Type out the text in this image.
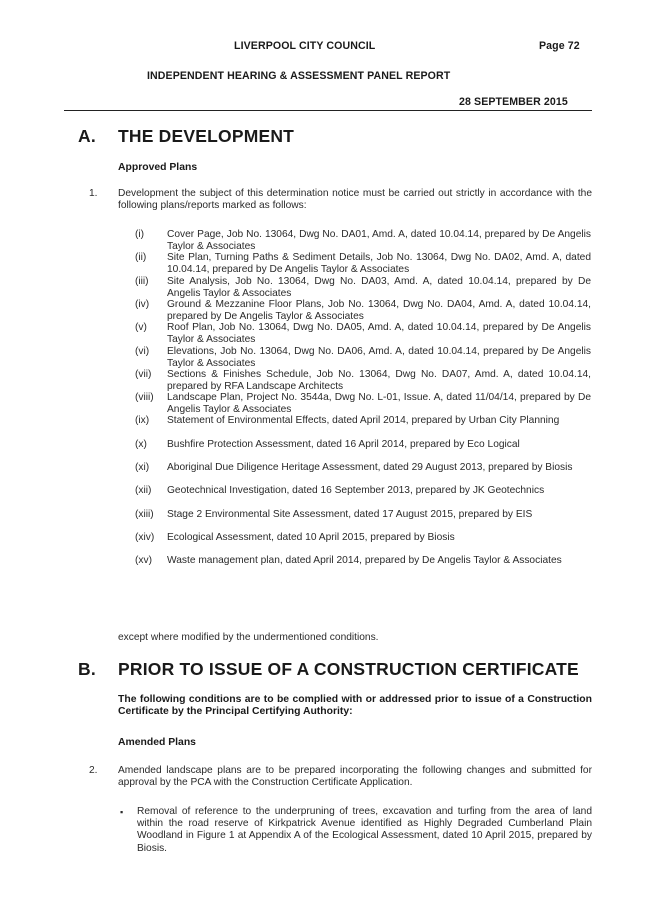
LIVERPOOL CITY COUNCIL	Page 72
INDEPENDENT HEARING & ASSESSMENT PANEL REPORT
28 SEPTEMBER 2015
A. THE DEVELOPMENT
Approved Plans
1. Development the subject of this determination notice must be carried out strictly in accordance with the following plans/reports marked as follows:
(i)	Cover Page, Job No. 13064, Dwg No. DA01, Amd. A, dated 10.04.14, prepared by De Angelis Taylor & Associates
(ii)	Site Plan, Turning Paths & Sediment Details, Job No. 13064, Dwg No. DA02, Amd. A, dated 10.04.14, prepared by De Angelis Taylor & Associates
(iii)	Site Analysis, Job No. 13064, Dwg No. DA03, Amd. A, dated 10.04.14, prepared by De Angelis Taylor & Associates
(iv)	Ground & Mezzanine Floor Plans, Job No. 13064, Dwg No. DA04, Amd. A, dated 10.04.14, prepared by De Angelis Taylor & Associates
(v)	Roof Plan, Job No. 13064, Dwg No. DA05, Amd. A, dated 10.04.14, prepared by De Angelis Taylor & Associates
(vi)	Elevations, Job No. 13064, Dwg No. DA06, Amd. A, dated 10.04.14, prepared by De Angelis Taylor & Associates
(vii)	Sections & Finishes Schedule, Job No. 13064, Dwg No. DA07, Amd. A, dated 10.04.14, prepared by RFA Landscape Architects
(viii)	Landscape Plan, Project No. 3544a, Dwg No. L-01, Issue. A, dated 11/04/14, prepared by De Angelis Taylor & Associates
(ix)	Statement of Environmental Effects, dated April 2014, prepared by Urban City Planning
(x)	Bushfire Protection Assessment, dated 16 April 2014, prepared by Eco Logical
(xi)	Aboriginal Due Diligence Heritage Assessment, dated 29 August 2013, prepared by Biosis
(xii)	Geotechnical Investigation, dated 16 September 2013, prepared by JK Geotechnics
(xiii)	Stage 2 Environmental Site Assessment, dated 17 August 2015, prepared by EIS
(xiv)	Ecological Assessment, dated 10 April 2015, prepared by Biosis
(xv)	Waste management plan, dated April 2014, prepared by De Angelis Taylor & Associates
except where modified by the undermentioned conditions.
B. PRIOR TO ISSUE OF A CONSTRUCTION CERTIFICATE
The following conditions are to be complied with or addressed prior to issue of a Construction Certificate by the Principal Certifying Authority:
Amended Plans
2. Amended landscape plans are to be prepared incorporating the following changes and submitted for approval by the PCA with the Construction Certificate Application.
▪ Removal of reference to the underpruning of trees, excavation and turfing from the area of land within the road reserve of Kirkpatrick Avenue identified as Highly Degraded Cumberland Plain Woodland in Figure 1 at Appendix A of the Ecological Assessment, dated 10 April 2015, prepared by Biosis.
